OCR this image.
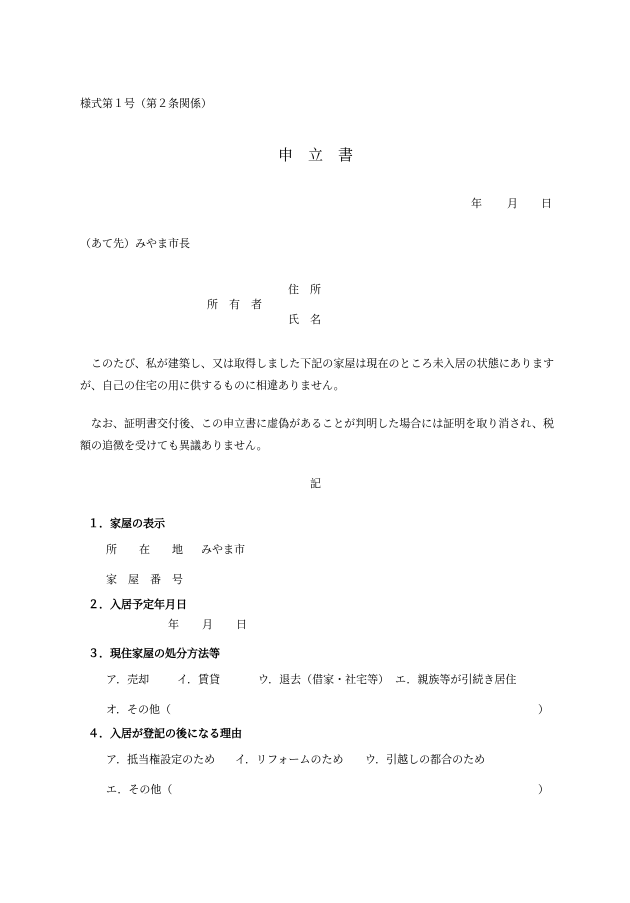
様式第１号（第２条関係）
申　立　書
年 月 日
（あて先）みやま市長
住　所
所　有　者
氏　名
このたび、私が建築し、又は取得しました下記の家屋は現在のところ未入居の状態にありますが、自己の住宅の用に供するものに相違ありません。
なお、証明書交付後、この申立書に虚偽があることが判明した場合には証明を取り消され、税額の追徴を受けても異議ありません。
記
１．家屋の表示
所　　在　　地 みやま市
家　屋　番　号
２．入居予定年月日
年 月 日
３．現住家屋の処分方法等
ア．売却	イ．賃貸	ウ．退去（借家・社宅等） エ．親族等が引続き居住
オ．その他（	）
４．入居が登記の後になる理由
ア．抵当権設定のため イ．リフォームのため ウ．引越しの都合のため
エ．その他（	）
